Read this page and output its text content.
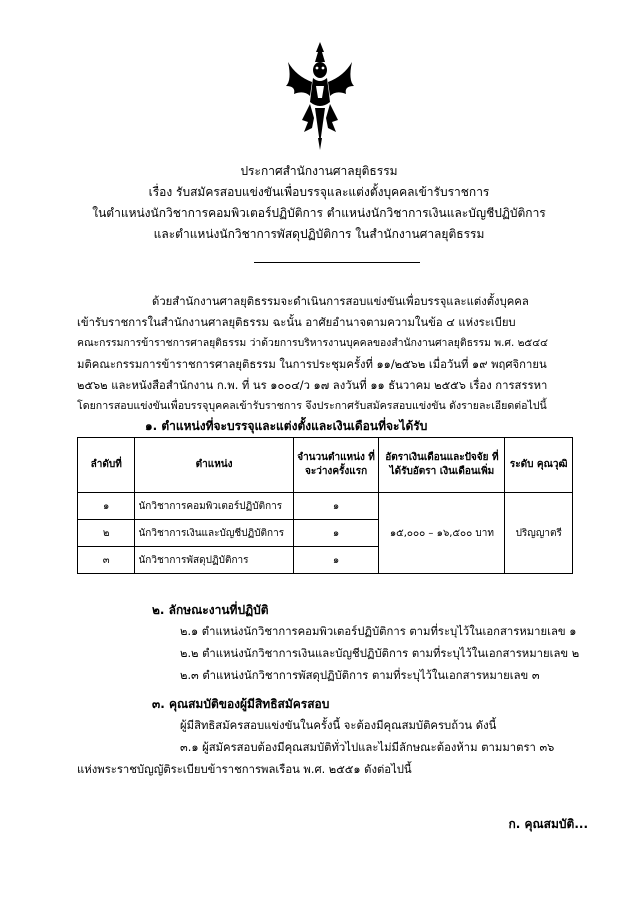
ประกาศสำนักงานศาลยุติธรรม
เรื่อง รับสมัครสอบแข่งขันเพื่อบรรจุและแต่งตั้งบุคคลเข้ารับราชการ
ในตำแหน่งนักวิชาการคอมพิวเตอร์ปฏิบัติการ ตำแหน่งนักวิชาการเงินและบัญชีปฏิบัติการ
และตำแหน่งนักวิชาการพัสดุปฏิบัติการ ในสำนักงานศาลยุติธรรม
ด้วยสำนักงานศาลยุติธรรมจะดำเนินการสอบแข่งขันเพื่อบรรจุและแต่งตั้งบุคคล
เข้ารับราชการในสำนักงานศาลยุติธรรม ฉะนั้น อาศัยอำนาจตามความในข้อ ๔ แห่งระเบียบ
คณะกรรมการข้าราชการศาลยุติธรรม ว่าด้วยการบริหารงานบุคคลของสำนักงานศาลยุติธรรม พ.ศ. ๒๕๔๔
มติคณะกรรมการข้าราชการศาลยุติธรรม ในการประชุมครั้งที่ ๑๑/๒๕๖๒ เมื่อวันที่ ๑๙ พฤศจิกายน
๒๕๖๒ และหนังสือสำนักงาน ก.พ. ที่ นร ๑๐๐๔/ว ๑๗ ลงวันที่ ๑๑ ธันวาคม ๒๕๕๖ เรื่อง การสรรหา
โดยการสอบแข่งขันเพื่อบรรจุบุคคลเข้ารับราชการ จึงประกาศรับสมัครสอบแข่งขัน ดังรายละเอียดต่อไปนี้
๑. ตำแหน่งที่จะบรรจุและแต่งตั้งและเงินเดือนที่จะได้รับ
ลำดับที่	ตำแหน่ง	จำนวนตำแหน่ง ที่จะว่างครั้งแรก	อัตราเงินเดือนและปัจจัย ที่ได้รับอัตรา เงินเดือนเพิ่ม	ระดับ คุณวุฒิ
๑	นักวิชาการคอมพิวเตอร์ปฏิบัติการ	๑	๑๕,๐๐๐ – ๑๖,๕๐๐ บาท	ปริญญาตรี
๒	นักวิชาการเงินและบัญชีปฏิบัติการ	๑		
๓	นักวิชาการพัสดุปฏิบัติการ	๑		
๒. ลักษณะงานที่ปฏิบัติ
๒.๑ ตำแหน่งนักวิชาการคอมพิวเตอร์ปฏิบัติการ ตามที่ระบุไว้ในเอกสารหมายเลข ๑
๒.๒ ตำแหน่งนักวิชาการเงินและบัญชีปฏิบัติการ ตามที่ระบุไว้ในเอกสารหมายเลข ๒
๒.๓ ตำแหน่งนักวิชาการพัสดุปฏิบัติการ ตามที่ระบุไว้ในเอกสารหมายเลข ๓
๓. คุณสมบัติของผู้มีสิทธิสมัครสอบ
ผู้มีสิทธิสมัครสอบแข่งขันในครั้งนี้ จะต้องมีคุณสมบัติครบถ้วน ดังนี้
๓.๑ ผู้สมัครสอบต้องมีคุณสมบัติทั่วไปและไม่มีลักษณะต้องห้าม ตามมาตรา ๓๖
แห่งพระราชบัญญัติระเบียบข้าราชการพลเรือน พ.ศ. ๒๕๕๑ ดังต่อไปนี้
ก. คุณสมบัติ...
